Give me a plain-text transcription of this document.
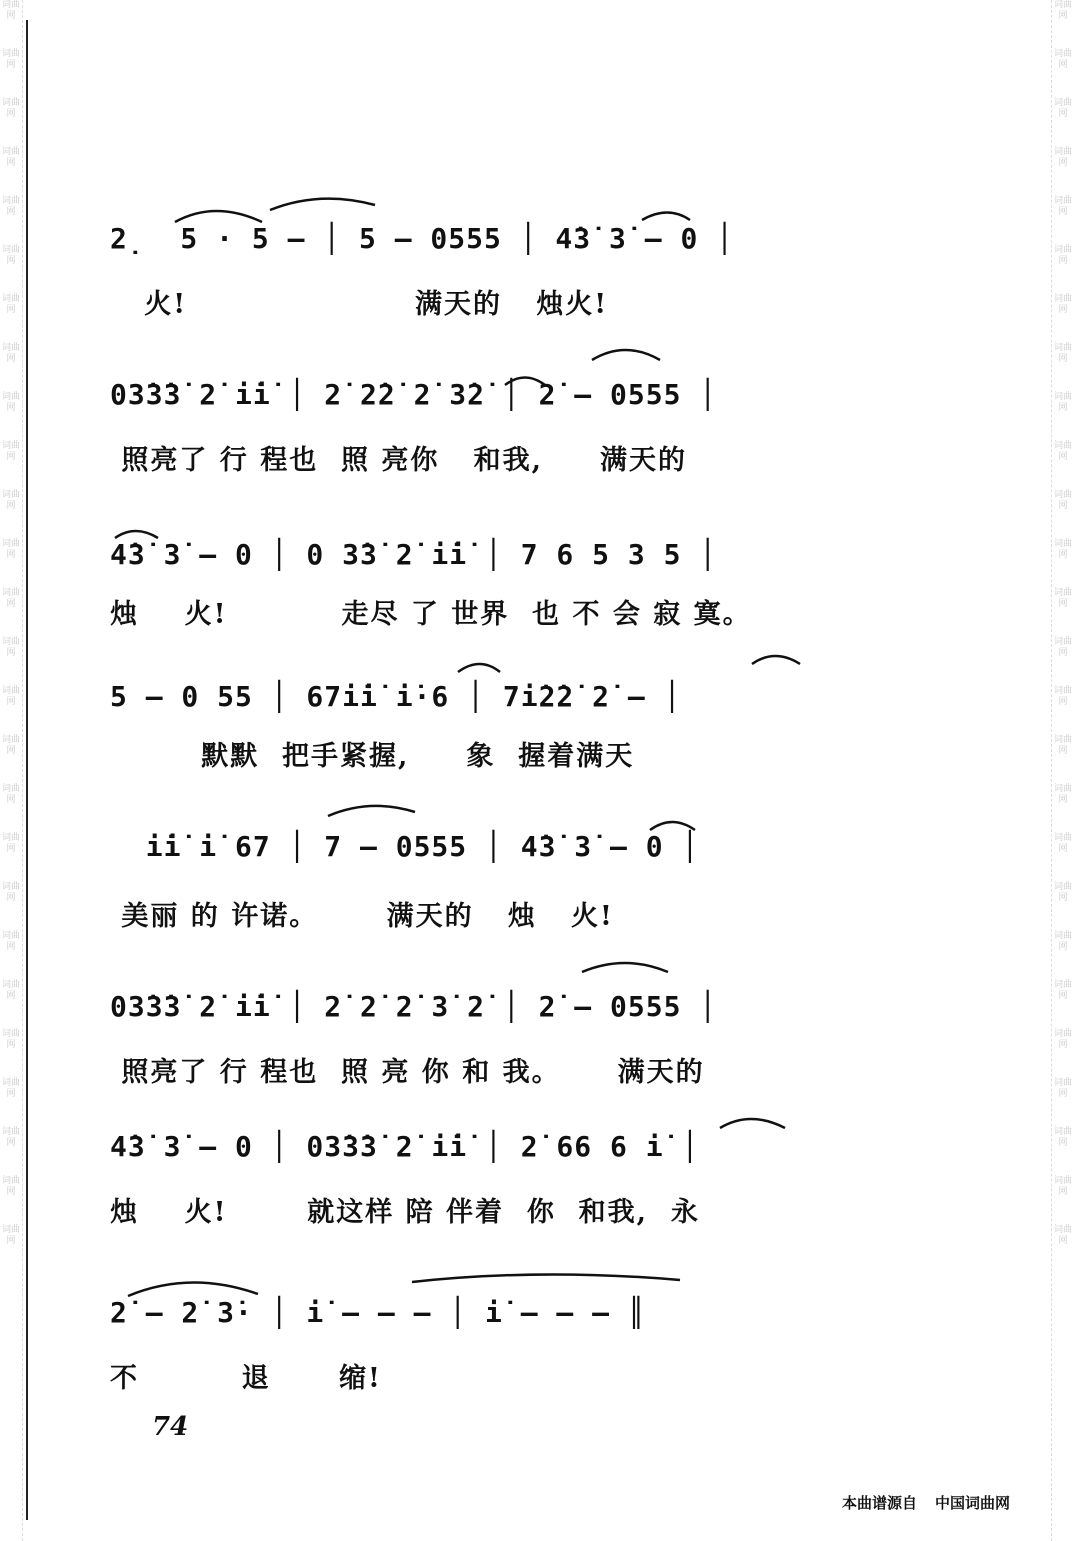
词曲网
词曲网
词曲网
词曲网
词曲网
词曲网
词曲网
词曲网
词曲网
词曲网
词曲网
词曲网
词曲网
词曲网
词曲网
词曲网
词曲网
词曲网
词曲网
词曲网
词曲网
词曲网
词曲网
词曲网
词曲网
词曲网
词曲网
词曲网
词曲网
词曲网
词曲网
词曲网
词曲网
词曲网
词曲网
词曲网
词曲网
词曲网
词曲网
词曲网
词曲网
词曲网
词曲网
词曲网
词曲网
词曲网
词曲网
词曲网
词曲网
词曲网
词曲网
词曲网
2̣  5 · 5 — │ 5 — 0555 │ 4̇3̇ 3̇ — 0 │
火!                    满天的   烛火!
03̇3̇3̇ 2̇ i̇i̇ │ 2̇ 2̇2̇ 2̇ 3̇2̇ │ 2̇ — 0555 │
照亮了 行 程也  照 亮你   和我,     满天的
4̇3̇ 3̇ — 0 │ 0 3̇3̇ 2̇ i̇i̇ │ 7 6 5 3 5 │
烛    火!          走尽 了 世界  也 不 会 寂 寞。
5 — 0 55 │ 67i̇i̇ i̇·6 │ 7i̇2̇2̇ 2̇ — │
默默  把手紧握,     象  握着满天
i̇i̇ i̇ 67 │ 7 — 0555 │ 4̇3̇ 3̇ — 0 │
美丽 的 许诺。      满天的   烛   火!
03̇3̇3̇ 2̇ i̇i̇ │ 2̇ 2̇ 2̇ 3̇ 2̇ │ 2̇ — 0555 │
照亮了 行 程也  照 亮 你 和 我。     满天的
4̇3̇ 3̇ — 0 │ 03̇3̇3̇ 2̇ i̇i̇ │ 2̇ 66 6 i̇ │
烛    火!       就这样 陪 伴着  你  和我,  永
2̇ — 2̇ 3̇· │ i̇ — — — │ i̇ — — — ║
不         退      缩!
74
本曲谱源自 中国词曲网
